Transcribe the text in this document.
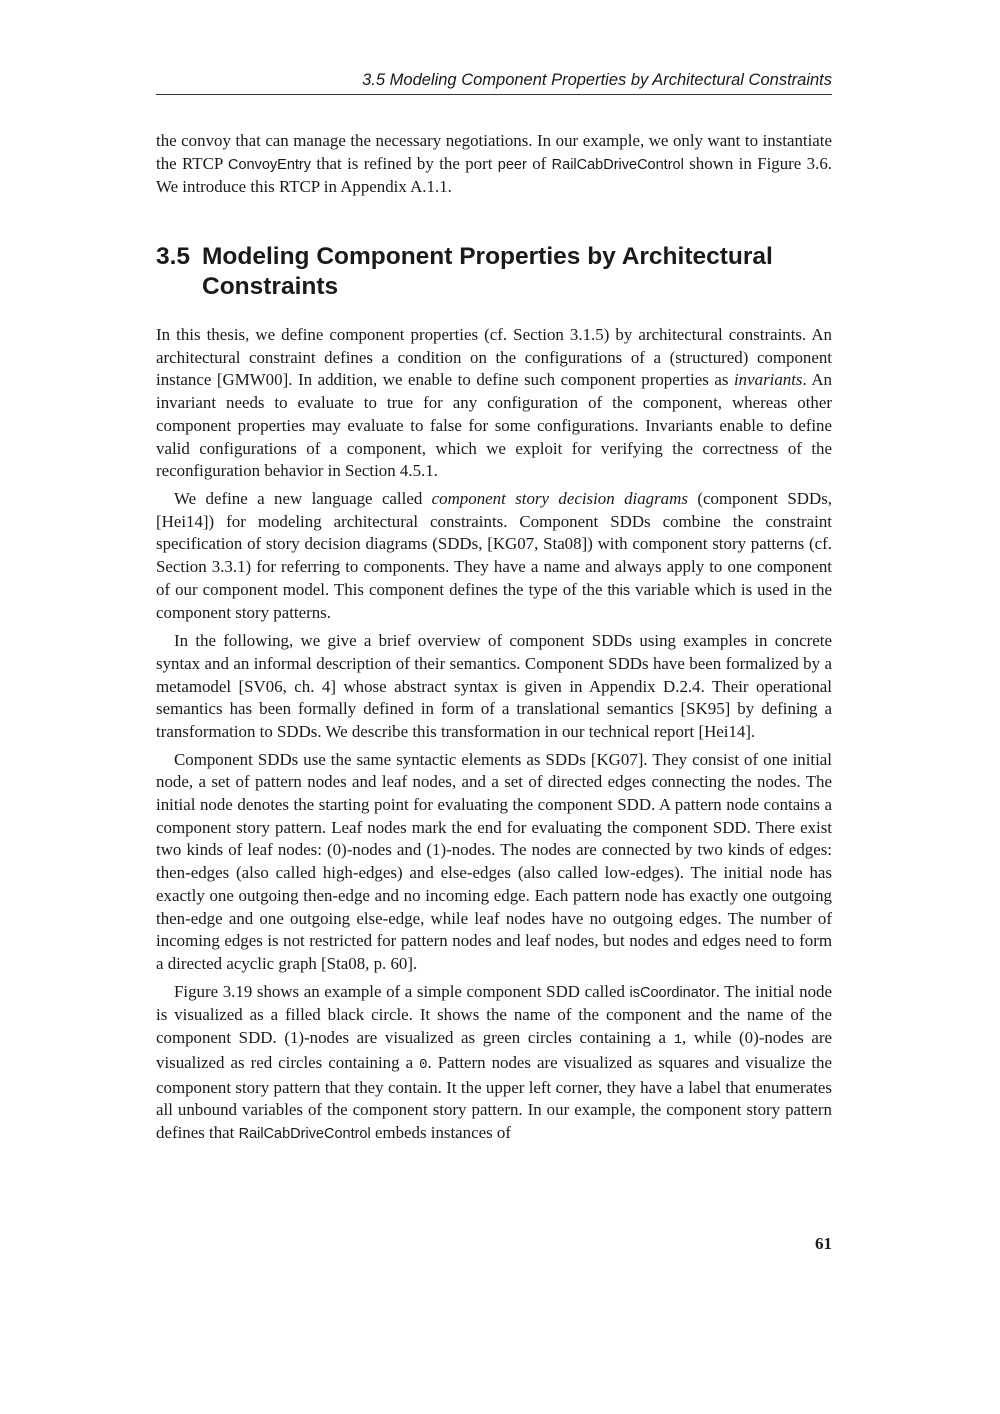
3.5 Modeling Component Properties by Architectural Constraints

the convoy that can manage the necessary negotiations. In our example, we only want to instantiate the RTCP ConvoyEntry that is refined by the port peer of RailCabDriveControl shown in Figure 3.6. We introduce this RTCP in Appendix A.1.1.

3.5 Modeling Component Properties by Architectural Constraints

In this thesis, we define component properties (cf. Section 3.1.5) by architectural constraints. An architectural constraint defines a condition on the configurations of a (structured) component instance [GMW00]. In addition, we enable to define such component properties as invariants. An invariant needs to evaluate to true for any configuration of the component, whereas other component properties may evaluate to false for some configurations. Invariants enable to define valid configurations of a component, which we exploit for verifying the correctness of the reconfiguration behavior in Section 4.5.1.

We define a new language called component story decision diagrams (component SDDs, [Hei14]) for modeling architectural constraints. Component SDDs combine the constraint specification of story decision diagrams (SDDs, [KG07, Sta08]) with component story patterns (cf. Section 3.3.1) for referring to components. They have a name and always apply to one component of our component model. This component defines the type of the this variable which is used in the component story patterns.

In the following, we give a brief overview of component SDDs using examples in concrete syntax and an informal description of their semantics. Component SDDs have been formalized by a metamodel [SV06, ch. 4] whose abstract syntax is given in Appendix D.2.4. Their operational semantics has been formally defined in form of a translational semantics [SK95] by defining a transformation to SDDs. We describe this transformation in our technical report [Hei14].

Component SDDs use the same syntactic elements as SDDs [KG07]. They consist of one initial node, a set of pattern nodes and leaf nodes, and a set of directed edges connecting the nodes. The initial node denotes the starting point for evaluating the component SDD. A pattern node contains a component story pattern. Leaf nodes mark the end for evaluating the component SDD. There exist two kinds of leaf nodes: (0)-nodes and (1)-nodes. The nodes are connected by two kinds of edges: then-edges (also called high-edges) and else-edges (also called low-edges). The initial node has exactly one outgoing then-edge and no incoming edge. Each pattern node has exactly one outgoing then-edge and one outgoing else-edge, while leaf nodes have no outgoing edges. The number of incoming edges is not restricted for pattern nodes and leaf nodes, but nodes and edges need to form a directed acyclic graph [Sta08, p. 60].

Figure 3.19 shows an example of a simple component SDD called isCoordinator. The initial node is visualized as a filled black circle. It shows the name of the component and the name of the component SDD. (1)-nodes are visualized as green circles containing a 1, while (0)-nodes are visualized as red circles containing a 0. Pattern nodes are visualized as squares and visualize the component story pattern that they contain. It the upper left corner, they have a label that enumerates all unbound variables of the component story pattern. In our example, the component story pattern defines that RailCabDriveControl embeds instances of

61
